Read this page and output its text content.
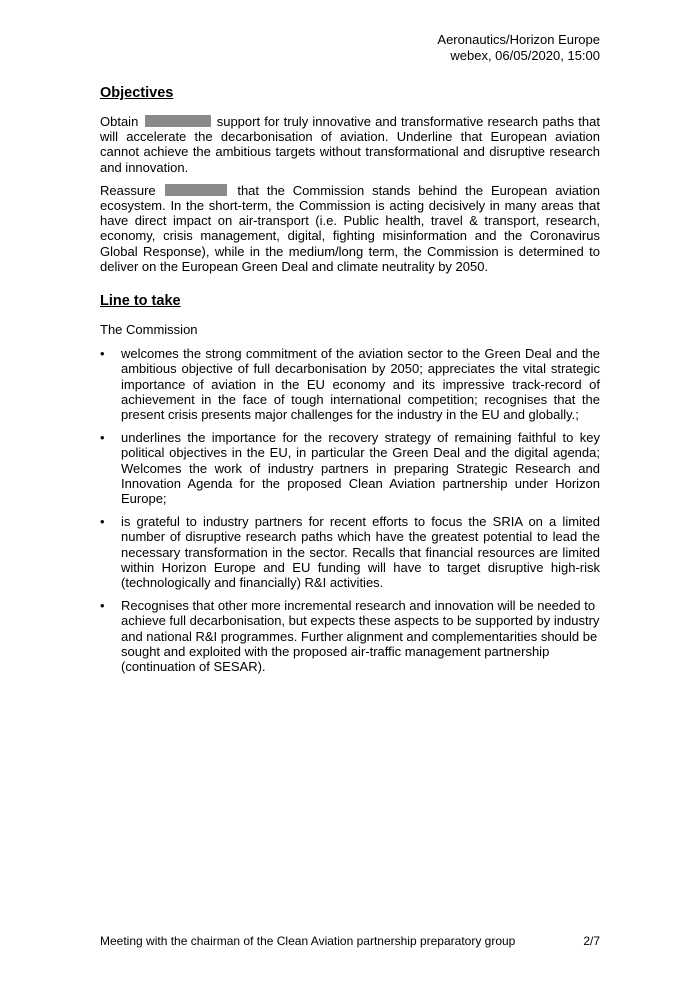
Aeronautics/Horizon Europe
webex, 06/05/2020, 15:00
Objectives

Obtain	support for truly innovative and transformative research paths that will accelerate the decarbonisation of aviation. Underline that European aviation cannot achieve the ambitious targets without transformational and disruptive research and innovation.

Reassure	that the Commission stands behind the European aviation ecosystem. In the short-term, the Commission is acting decisively in many areas that have direct impact on air-transport (i.e. Public health, travel & transport, research, economy, crisis management, digital, fighting misinformation and the Coronavirus Global Response), while in the medium/long term, the Commission is determined to deliver on the European Green Deal and climate neutrality by 2050.

Line to take

The Commission

• welcomes the strong commitment of the aviation sector to the Green Deal and the ambitious objective of full decarbonisation by 2050; appreciates the vital strategic importance of aviation in the EU economy and its impressive track-record of achievement in the face of tough international competition; recognises that the present crisis presents major challenges for the industry in the EU and globally.;
• underlines the importance for the recovery strategy of remaining faithful to key political objectives in the EU, in particular the Green Deal and the digital agenda; Welcomes the work of industry partners in preparing Strategic Research and Innovation Agenda for the proposed Clean Aviation partnership under Horizon Europe;
• is grateful to industry partners for recent efforts to focus the SRIA on a limited number of disruptive research paths which have the greatest potential to lead the necessary transformation in the sector. Recalls that financial resources are limited within Horizon Europe and EU funding will have to target disruptive high-risk (technologically and financially) R&I activities.
• Recognises that other more incremental research and innovation will be needed to achieve full decarbonisation, but expects these aspects to be supported by industry and national R&I programmes. Further alignment and complementarities should be sought and exploited with the proposed air-traffic management partnership (continuation of SESAR).
Meeting with the chairman of the Clean Aviation partnership preparatory group	2/7
